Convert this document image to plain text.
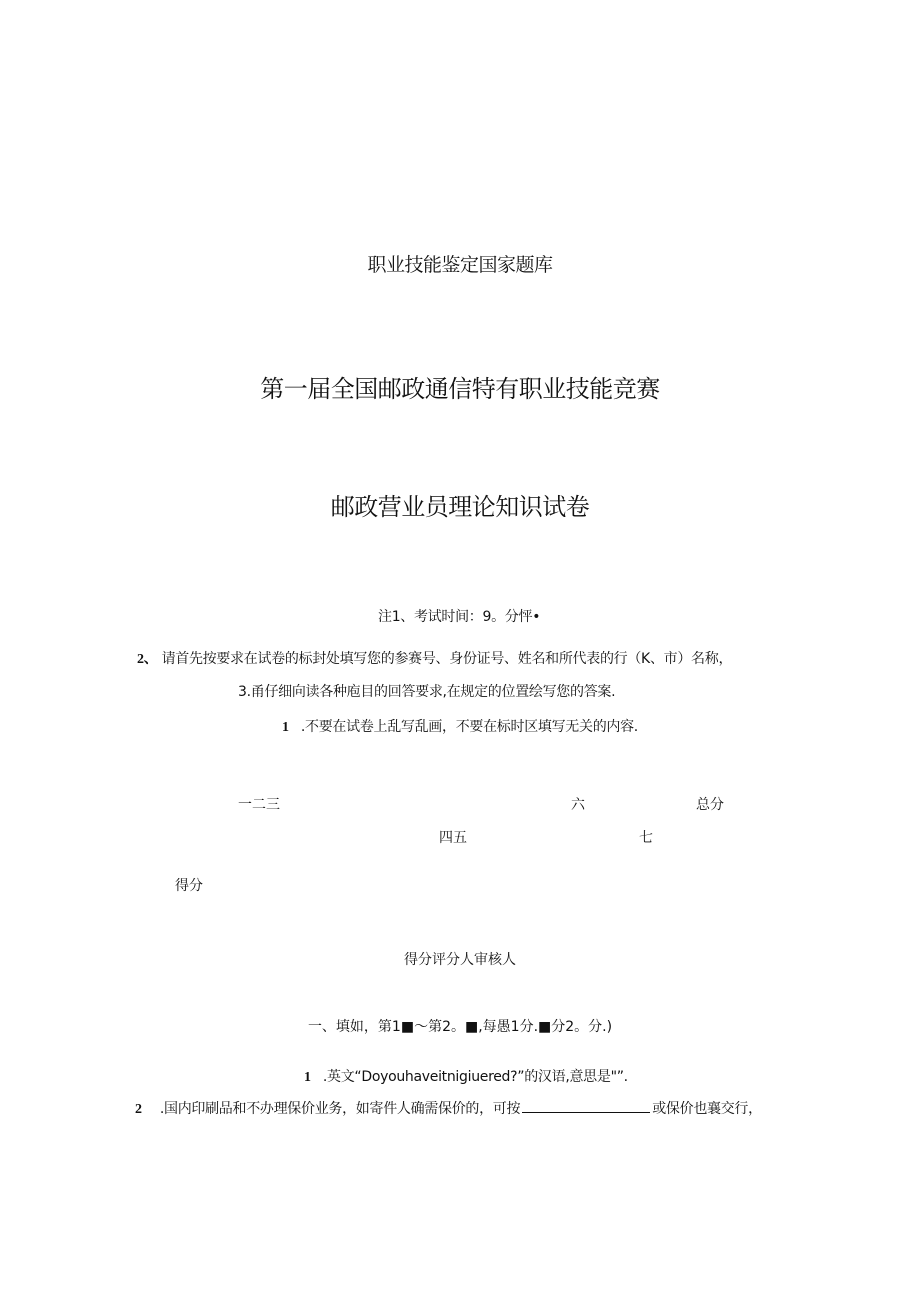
职业技能鉴定国家题库
第一届全国邮政通信特有职业技能竞赛
邮政营业员理论知识试卷
注1、考试时间：9。分怦•
2、 请首先按要求在试卷的标封处填写您的参赛号、身份证号、姓名和所代表的行（K、市）名称，
3.甬仔细向读各种庖目的回答要求,在规定的位置绘写您的答案.
1 .不要在试卷上乱写乱画，不要在标时区填写无关的内容.
一二三	六	总分
四五	七
得分
得分评分人审核人
一、填如，第1■〜第2。■,每愚1分.■分2。分.)
1 .英文“Doyouhaveitnigiuered?”的汉语,意思是"”.
2 .国内印刷品和不办理保价业务，如寄件人确需保价的，可按	或保价也襄交行，
